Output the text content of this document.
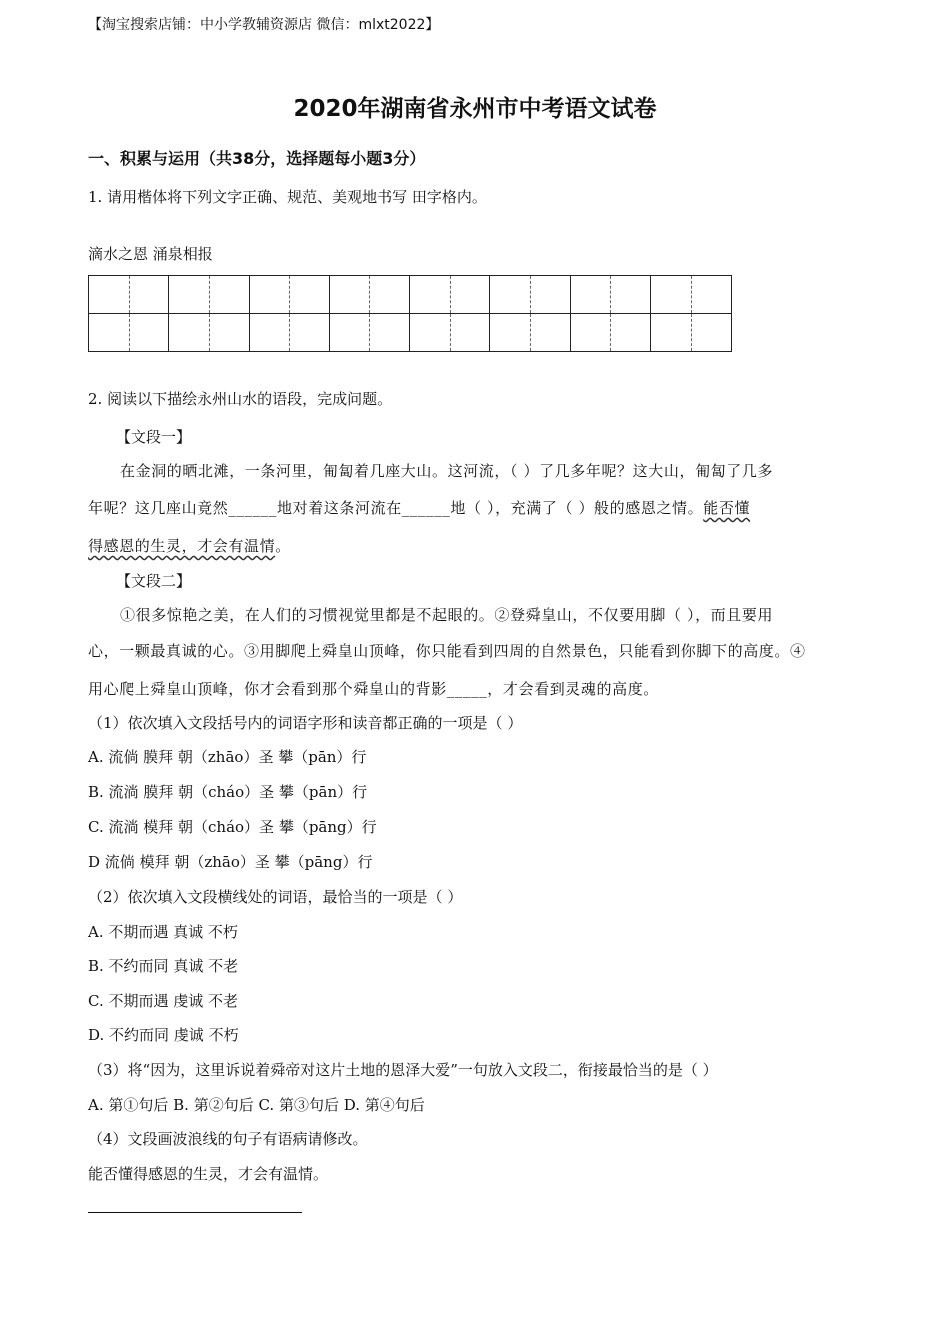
【淘宝搜索店铺：中小学教辅资源店 微信：mlxt2022】
2020年湖南省永州市中考语文试卷
一、积累与运用（共38分，选择题每小题3分）
1. 请用楷体将下列文字正确、规范、美观地书写 田字格内。
滴水之恩 涌泉相报
2. 阅读以下描绘永州山水的语段，完成问题。
【文段一】
在金洞的晒北滩，一条河里，匍匐着几座大山。这河流，（ ）了几多年呢？这大山，匍匐了几多
年呢？这几座山竟然______地对着这条河流在______地（ ），充满了（ ）般的感恩之情。能否懂
得感恩的生灵，才会有温情。
【文段二】
①很多惊艳之美，在人们的习惯视觉里都是不起眼的。②登舜皇山，不仅要用脚（ ），而且要用
心，一颗最真诚的心。③用脚爬上舜皇山顶峰，你只能看到四周的自然景色，只能看到你脚下的高度。④
用心爬上舜皇山顶峰，你才会看到那个舜皇山的背影_____，才会看到灵魂的高度。
（1）依次填入文段括号内的词语字形和读音都正确的一项是（ ）
A. 流倘 膜拜 朝（zhāo）圣 攀（pān）行
B. 流淌 膜拜 朝（cháo）圣 攀（pān）行
C. 流淌 模拜 朝（cháo）圣 攀（pāng）行
D 流倘 模拜 朝（zhāo）圣 攀（pāng）行
（2）依次填入文段横线处的词语，最恰当的一项是（ ）
A. 不期而遇 真诚 不朽
B. 不约而同 真诚 不老
C. 不期而遇 虔诚 不老
D. 不约而同 虔诚 不朽
（3）将“因为，这里诉说着舜帝对这片土地的恩泽大爱”一句放入文段二，衔接最恰当的是（ ）
A. 第①句后 B. 第②句后 C. 第③句后 D. 第④句后
（4）文段画波浪线的句子有语病请修改。
能否懂得感恩的生灵，才会有温情。
